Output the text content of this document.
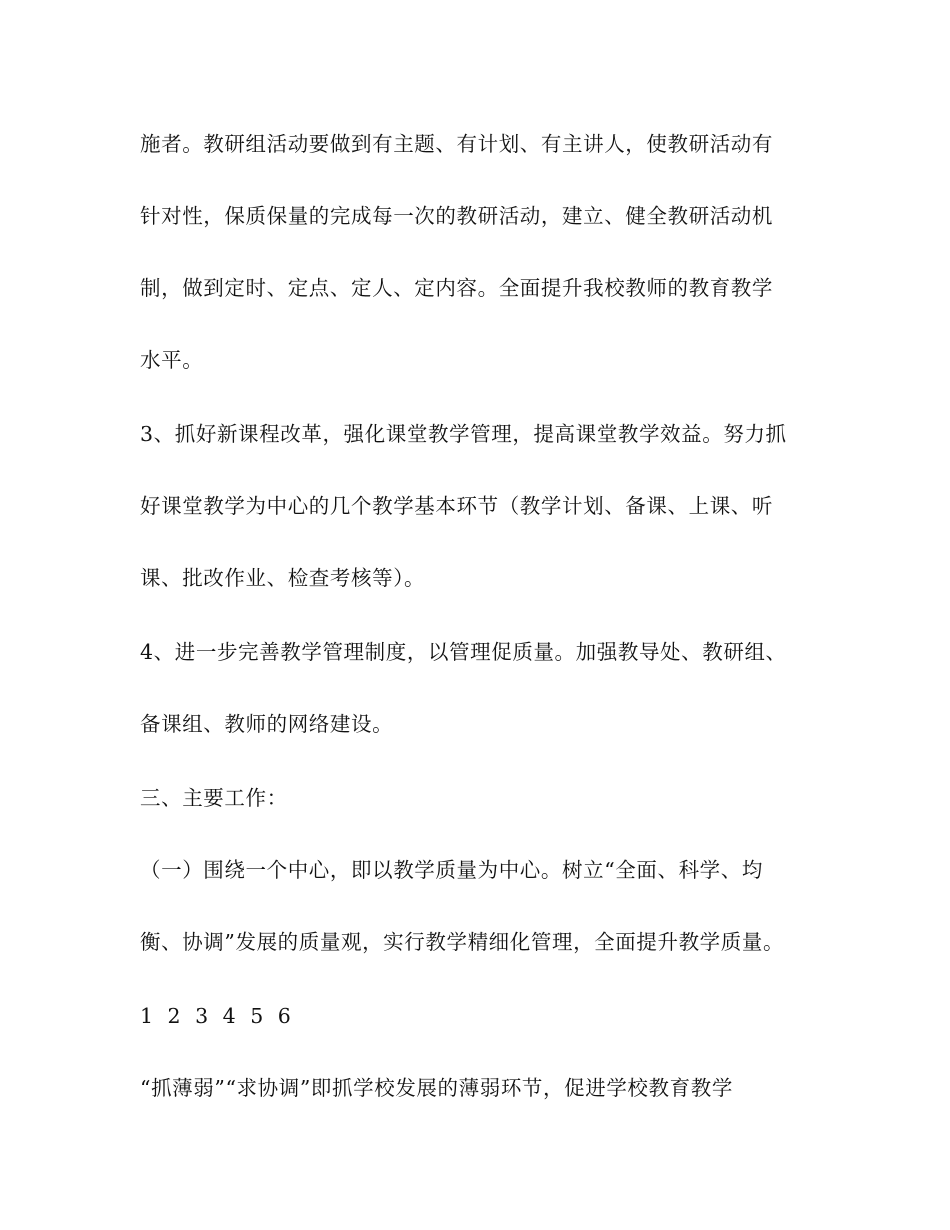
施者。教研组活动要做到有主题、有计划、有主讲人，使教研活动有
针对性，保质保量的完成每一次的教研活动，建立、健全教研活动机
制，做到定时、定点、定人、定内容。全面提升我校教师的教育教学
水平。
3、抓好新课程改革，强化课堂教学管理，提高课堂教学效益。努力抓
好课堂教学为中心的几个教学基本环节（教学计划、备课、上课、听
课、批改作业、检查考核等）。
4、进一步完善教学管理制度，以管理促质量。加强教导处、教研组、
备课组、教师的网络建设。
三、主要工作：
（一）围绕一个中心，即以教学质量为中心。树立“全面、科学、均
衡、协调”发展的质量观，实行教学精细化管理，全面提升教学质量。
1 2 3 4 5 6
“抓薄弱”“求协调”即抓学校发展的薄弱环节，促进学校教育教学
